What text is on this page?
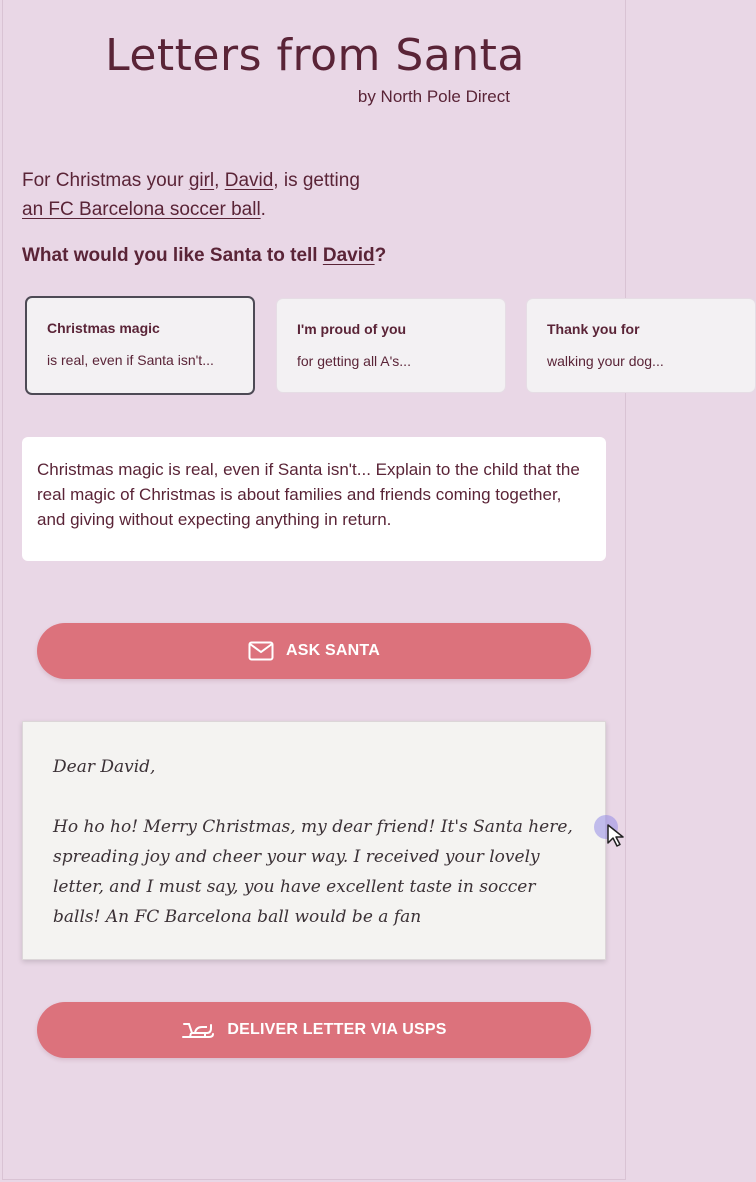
Letters from Santa
by North Pole Direct
For Christmas your girl, David, is getting
an FC Barcelona soccer ball.
What would you like Santa to tell David?
Christmas magic
is real, even if Santa isn't...
I'm proud of you
for getting all A's...
Thank you for
walking your dog...
Christmas magic is real, even if Santa isn't... Explain to the child that the real magic of Christmas is about families and friends coming together, and giving without expecting anything in return.
ASK SANTA

Dear David,

Ho ho ho! Merry Christmas, my dear friend! It's Santa here, spreading joy and cheer your way. I received your lovely letter, and I must say, you have excellent taste in soccer balls! An FC Barcelona ball would be a fan

DELIVER LETTER VIA USPS
